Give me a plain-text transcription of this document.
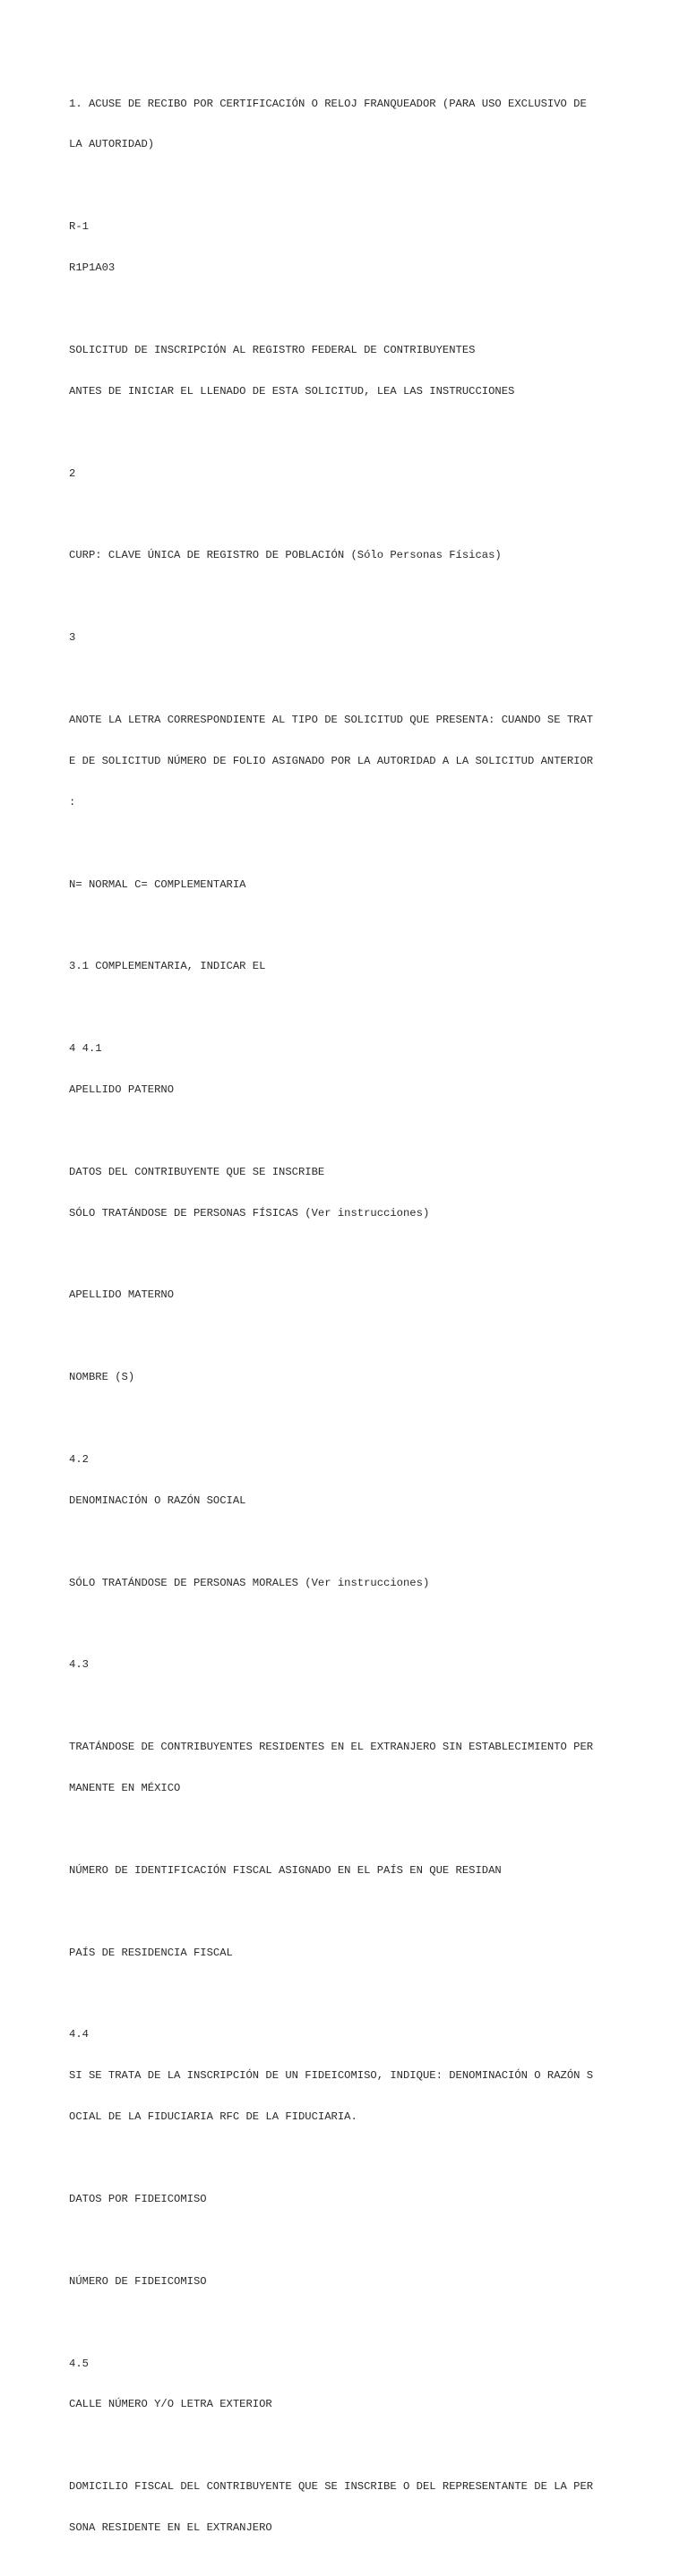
1. ACUSE DE RECIBO POR CERTIFICACIÓN O RELOJ FRANQUEADOR (PARA USO EXCLUSIVO DE

LA AUTORIDAD)

R-1

R1P1A03

SOLICITUD DE INSCRIPCIÓN AL REGISTRO FEDERAL DE CONTRIBUYENTES

ANTES DE INICIAR EL LLENADO DE ESTA SOLICITUD, LEA LAS INSTRUCCIONES

2

CURP: CLAVE ÚNICA DE REGISTRO DE POBLACIÓN (Sólo Personas Físicas)

3

ANOTE LA LETRA CORRESPONDIENTE AL TIPO DE SOLICITUD QUE PRESENTA: CUANDO SE TRAT

E DE SOLICITUD NÚMERO DE FOLIO ASIGNADO POR LA AUTORIDAD A LA SOLICITUD ANTERIOR

:

N= NORMAL C= COMPLEMENTARIA

3.1 COMPLEMENTARIA, INDICAR EL

4 4.1

APELLIDO PATERNO

DATOS DEL CONTRIBUYENTE QUE SE INSCRIBE

SÓLO TRATÁNDOSE DE PERSONAS FÍSICAS (Ver instrucciones)

APELLIDO MATERNO

NOMBRE (S)

4.2

DENOMINACIÓN O RAZÓN SOCIAL

SÓLO TRATÁNDOSE DE PERSONAS MORALES (Ver instrucciones)

4.3

TRATÁNDOSE DE CONTRIBUYENTES RESIDENTES EN EL EXTRANJERO SIN ESTABLECIMIENTO PER

MANENTE EN MÉXICO

NÚMERO DE IDENTIFICACIÓN FISCAL ASIGNADO EN EL PAÍS EN QUE RESIDAN

PAÍS DE RESIDENCIA FISCAL

4.4

SI SE TRATA DE LA INSCRIPCIÓN DE UN FIDEICOMISO, INDIQUE: DENOMINACIÓN O RAZÓN S

OCIAL DE LA FIDUCIARIA RFC DE LA FIDUCIARIA.

DATOS POR FIDEICOMISO

NÚMERO DE FIDEICOMISO

4.5

CALLE NÚMERO Y/O LETRA EXTERIOR

DOMICILIO FISCAL DEL CONTRIBUYENTE QUE SE INSCRIBE O DEL REPRESENTANTE DE LA PER

SONA RESIDENTE EN EL EXTRANJERO
